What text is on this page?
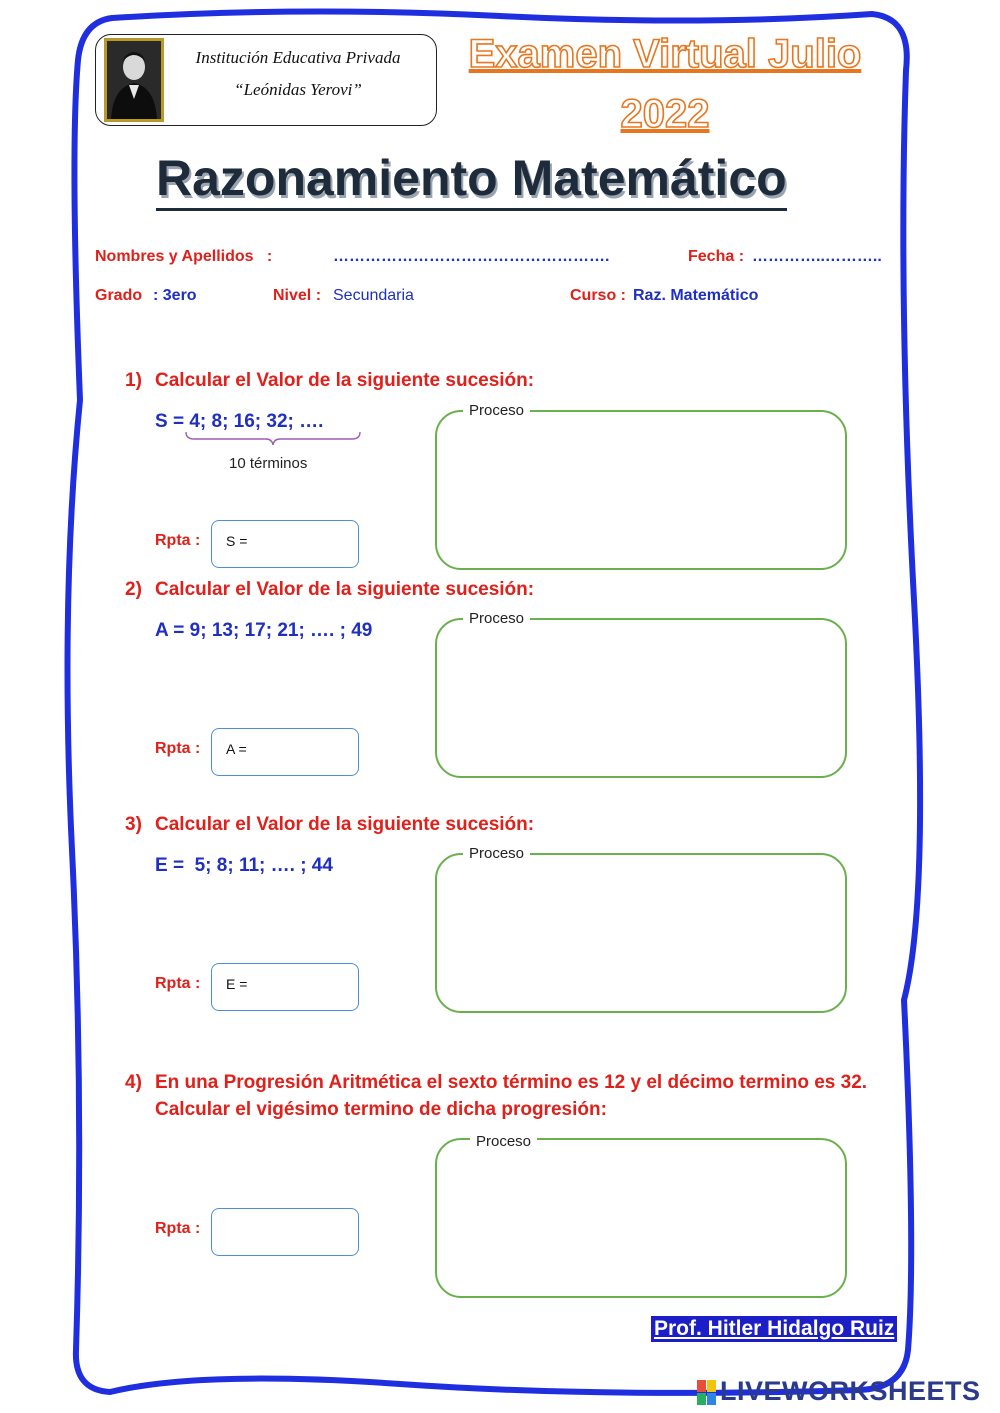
Institución Educativa Privada
“Leónidas Yerovi”
Examen Virtual Julio
2022
Razonamiento Matemático
Nombres y Apellidos   :	…………………………………………….	Fecha : …………..………..
Grado : 3ero	Nivel : Secundaria	Curso : Raz. Matemático
1) Calcular el Valor de la siguiente sucesión:
S = 4; 8; 16; 32; ….
10 términos
Proceso
Rpta : S =
2) Calcular el Valor de la siguiente sucesión:
A = 9; 13; 17; 21; …. ; 49
Proceso
Rpta : A =
3) Calcular el Valor de la siguiente sucesión:
E =  5; 8; 11; …. ; 44
Proceso
Rpta : E =
4) En una Progresión Aritmética el sexto término es 12 y el décimo termino es 32.
Calcular el vigésimo termino de dicha progresión:
Proceso
Rpta :
Prof. Hitler Hidalgo Ruiz
LIVEWORKSHEETS
